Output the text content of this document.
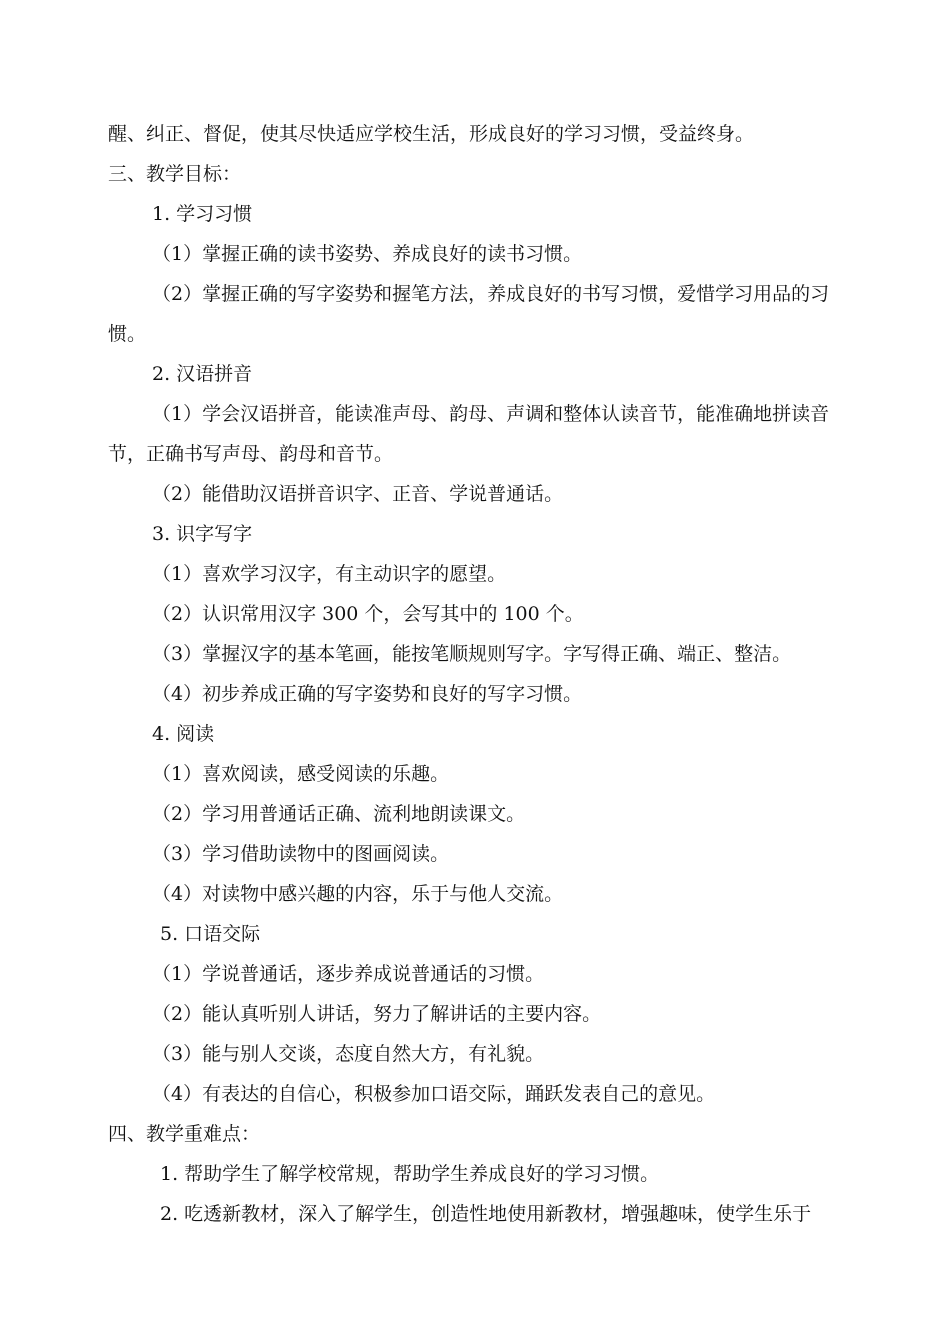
醒、纠正、督促，使其尽快适应学校生活，形成良好的学习习惯，受益终身。
三、教学目标：
1. 学习习惯
（1）掌握正确的读书姿势、养成良好的读书习惯。
（2）掌握正确的写字姿势和握笔方法，养成良好的书写习惯，爱惜学习用品的习
惯。
2. 汉语拼音
（1）学会汉语拼音，能读准声母、韵母、声调和整体认读音节，能准确地拼读音
节，正确书写声母、韵母和音节。
（2）能借助汉语拼音识字、正音、学说普通话。
3. 识字写字
（1）喜欢学习汉字，有主动识字的愿望。
（2）认识常用汉字 300 个，会写其中的 100 个。
（3）掌握汉字的基本笔画，能按笔顺规则写字。字写得正确、端正、整洁。
（4）初步养成正确的写字姿势和良好的写字习惯。
4. 阅读
（1）喜欢阅读，感受阅读的乐趣。
（2）学习用普通话正确、流利地朗读课文。
（3）学习借助读物中的图画阅读。
（4）对读物中感兴趣的内容，乐于与他人交流。
5. 口语交际
（1）学说普通话，逐步养成说普通话的习惯。
（2）能认真听别人讲话，努力了解讲话的主要内容。
（3）能与别人交谈，态度自然大方，有礼貌。
（4）有表达的自信心，积极参加口语交际，踊跃发表自己的意见。
四、教学重难点：
1. 帮助学生了解学校常规，帮助学生养成良好的学习习惯。
2. 吃透新教材，深入了解学生，创造性地使用新教材，增强趣味，使学生乐于
